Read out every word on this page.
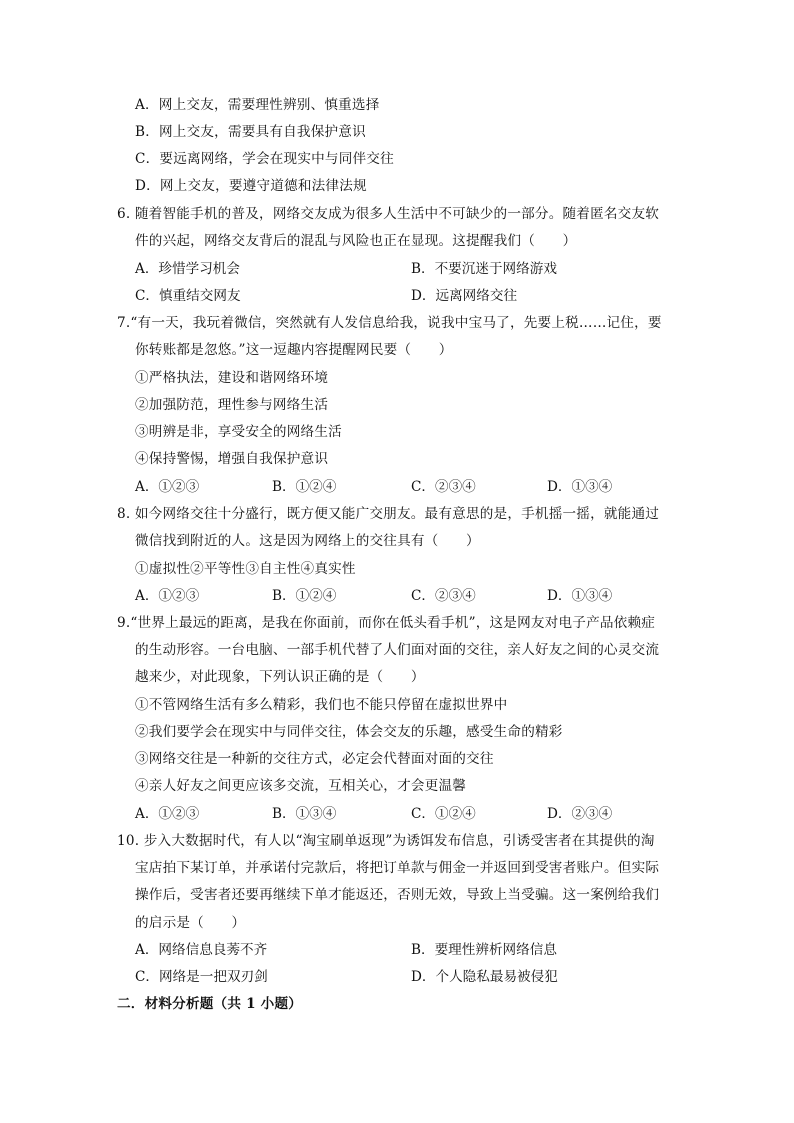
A．网上交友，需要理性辨别、慎重选择
B．网上交友，需要具有自我保护意识
C．要远离网络，学会在现实中与同伴交往
D．网上交友，要遵守道德和法律法规
6. 随着智能手机的普及，网络交友成为很多人生活中不可缺少的一部分。随着匿名交友软
件的兴起，网络交友背后的混乱与风险也正在显现。这提醒我们（　　）
A．珍惜学习机会	B．不要沉迷于网络游戏
C．慎重结交网友	D．远离网络交往
7.“有一天，我玩着微信，突然就有人发信息给我，说我中宝马了，先要上税……记住，要
你转账都是忽悠。”这一逗趣内容提醒网民要（　　）
①严格执法，建设和谐网络环境
②加强防范，理性参与网络生活
③明辨是非，享受安全的网络生活
④保持警惕，增强自我保护意识
A．①②③	B．①②④	C．②③④	D．①③④
8. 如今网络交往十分盛行，既方便又能广交朋友。最有意思的是，手机摇一摇，就能通过
微信找到附近的人。这是因为网络上的交往具有（　　）
①虚拟性②平等性③自主性④真实性
A．①②③	B．①②④	C．②③④	D．①③④
9.“世界上最远的距离，是我在你面前，而你在低头看手机”，这是网友对电子产品依赖症
的生动形容。一台电脑、一部手机代替了人们面对面的交往，亲人好友之间的心灵交流
越来少，对此现象，下列认识正确的是（　　）
①不管网络生活有多么精彩，我们也不能只停留在虚拟世界中
②我们要学会在现实中与同伴交往，体会交友的乐趣，感受生命的精彩
③网络交往是一种新的交往方式，必定会代替面对面的交往
④亲人好友之间更应该多交流，互相关心，才会更温馨
A．①②③	B．①③④	C．①②④	D．②③④
10. 步入大数据时代，有人以“淘宝刷单返现”为诱饵发布信息，引诱受害者在其提供的淘
宝店拍下某订单，并承诺付完款后，将把订单款与佣金一并返回到受害者账户。但实际
操作后，受害者还要再继续下单才能返还，否则无效，导致上当受骗。这一案例给我们
的启示是（　　）
A．网络信息良莠不齐	B．要理性辨析网络信息
C．网络是一把双刃剑	D．个人隐私最易被侵犯
二．材料分析题（共 1 小题）
